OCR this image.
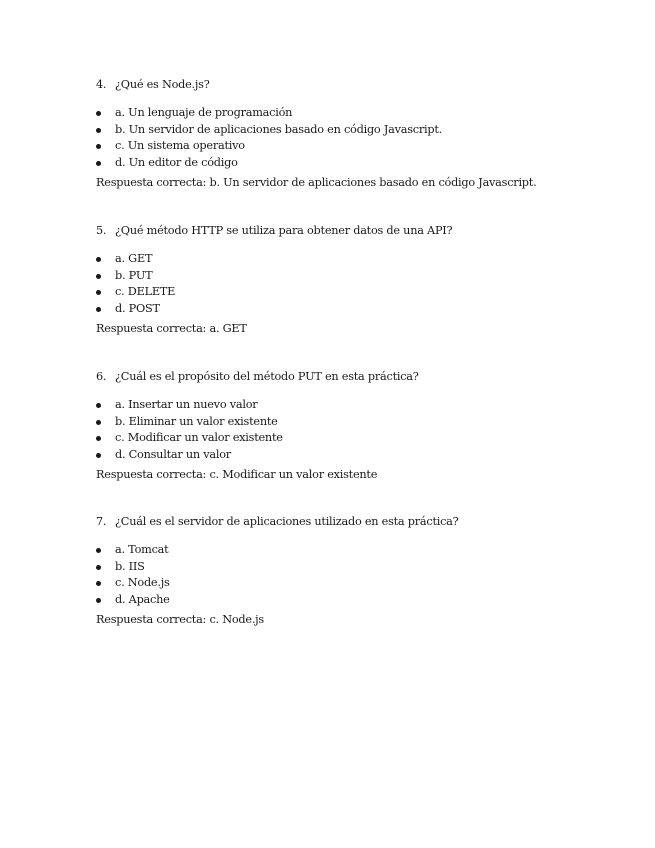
4. ¿Qué es Node.js?
a. Un lenguaje de programación
b. Un servidor de aplicaciones basado en código Javascript.
c. Un sistema operativo
d. Un editor de código
Respuesta correcta: b. Un servidor de aplicaciones basado en código Javascript.
5. ¿Qué método HTTP se utiliza para obtener datos de una API?
a. GET
b. PUT
c. DELETE
d. POST
Respuesta correcta: a. GET
6. ¿Cuál es el propósito del método PUT en esta práctica?
a. Insertar un nuevo valor
b. Eliminar un valor existente
c. Modificar un valor existente
d. Consultar un valor
Respuesta correcta: c. Modificar un valor existente
7. ¿Cuál es el servidor de aplicaciones utilizado en esta práctica?
a. Tomcat
b. IIS
c. Node.js
d. Apache
Respuesta correcta: c. Node.js
